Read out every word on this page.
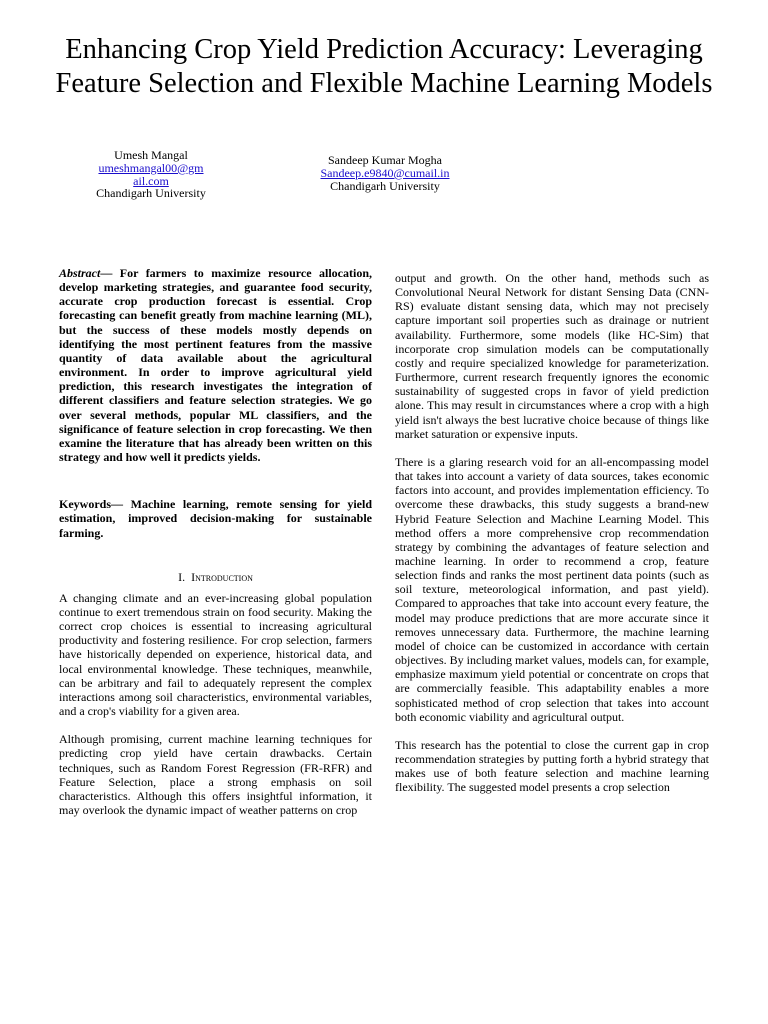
Enhancing Crop Yield Prediction Accuracy: Leveraging Feature Selection and Flexible Machine Learning Models
Umesh Mangal
umeshmangal00@gm
ail.com
Chandigarh University
Sandeep Kumar Mogha
Sandeep.e9840@cumail.in
Chandigarh University

Abstract— For farmers to maximize resource allocation, develop marketing strategies, and guarantee food security, accurate crop production forecast is essential. Crop forecasting can benefit greatly from machine learning (ML), but the success of these models mostly depends on identifying the most pertinent features from the massive quantity of data available about the agricultural environment. In order to improve agricultural yield prediction, this research investigates the integration of different classifiers and feature selection strategies. We go over several methods, popular ML classifiers, and the significance of feature selection in crop forecasting. We then examine the literature that has already been written on this strategy and how well it predicts yields.

Keywords— Machine learning, remote sensing for yield estimation, improved decision-making for sustainable farming.

I. Introduction

A changing climate and an ever-increasing global population continue to exert tremendous strain on food security. Making the correct crop choices is essential to increasing agricultural productivity and fostering resilience. For crop selection, farmers have historically depended on experience, historical data, and local environmental knowledge. These techniques, meanwhile, can be arbitrary and fail to adequately represent the complex interactions among soil characteristics, environmental variables, and a crop's viability for a given area.

Although promising, current machine learning techniques for predicting crop yield have certain drawbacks. Certain techniques, such as Random Forest Regression (FR-RFR) and Feature Selection, place a strong emphasis on soil characteristics. Although this offers insightful information, it may overlook the dynamic impact of weather patterns on crop

output and growth. On the other hand, methods such as Convolutional Neural Network for distant Sensing Data (CNN-RS) evaluate distant sensing data, which may not precisely capture important soil properties such as drainage or nutrient availability. Furthermore, some models (like HC-Sim) that incorporate crop simulation models can be computationally costly and require specialized knowledge for parameterization. Furthermore, current research frequently ignores the economic sustainability of suggested crops in favor of yield prediction alone. This may result in circumstances where a crop with a high yield isn't always the best lucrative choice because of things like market saturation or expensive inputs.

There is a glaring research void for an all-encompassing model that takes into account a variety of data sources, takes economic factors into account, and provides implementation efficiency. To overcome these drawbacks, this study suggests a brand-new Hybrid Feature Selection and Machine Learning Model. This method offers a more comprehensive crop recommendation strategy by combining the advantages of feature selection and machine learning. In order to recommend a crop, feature selection finds and ranks the most pertinent data points (such as soil texture, meteorological information, and past yield). Compared to approaches that take into account every feature, the model may produce predictions that are more accurate since it removes unnecessary data. Furthermore, the machine learning model of choice can be customized in accordance with certain objectives. By including market values, models can, for example, emphasize maximum yield potential or concentrate on crops that are commercially feasible. This adaptability enables a more sophisticated method of crop selection that takes into account both economic viability and agricultural output.

This research has the potential to close the current gap in crop recommendation strategies by putting forth a hybrid strategy that makes use of both feature selection and machine learning flexibility. The suggested model presents a crop selection
